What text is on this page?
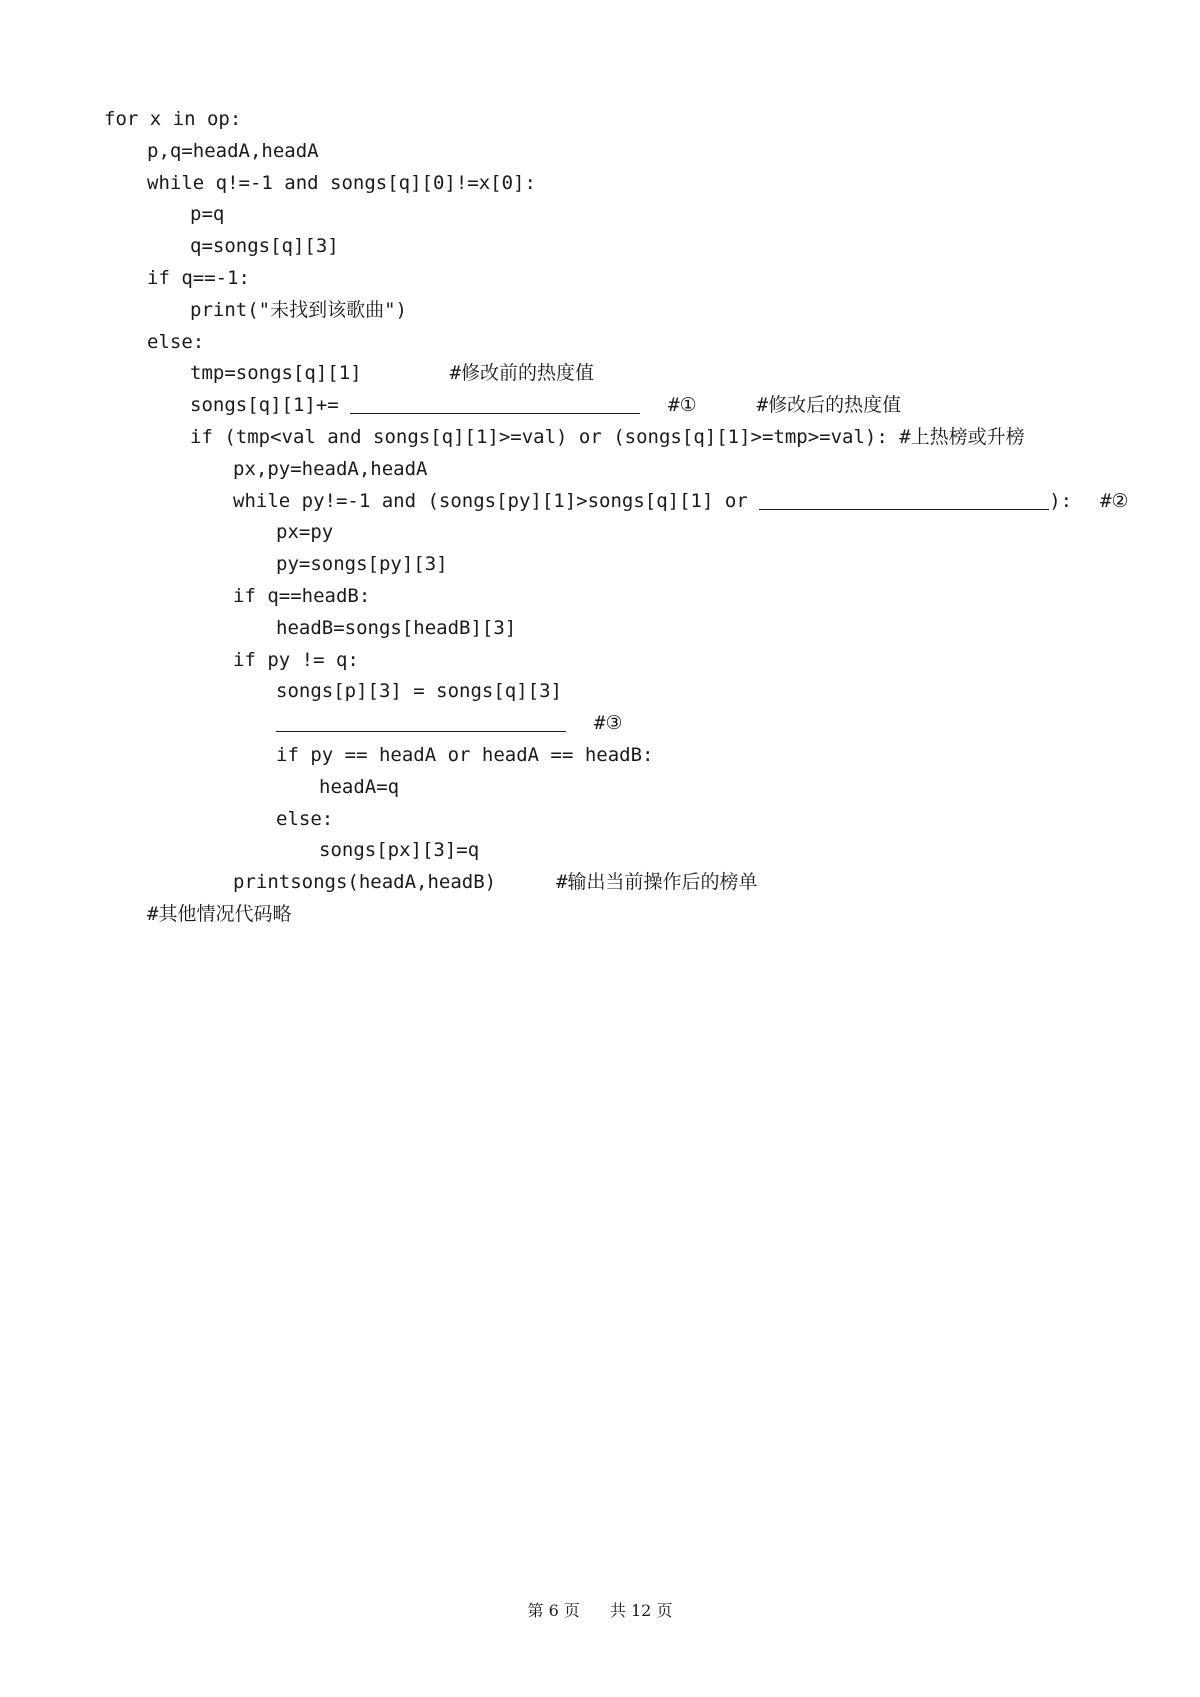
for x in op:
p,q=headA,headA
while q!=-1 and songs[q][0]!=x[0]:
p=q
q=songs[q][3]
if q==-1:
print("未找到该歌曲")
else:
tmp=songs[q][1]	#修改前的热度值
songs[q][1]+=	#①	#修改后的热度值
if (tmp<val and songs[q][1]>=val) or (songs[q][1]>=tmp>=val): #上热榜或升榜
px,py=headA,headA
while py!=-1 and (songs[py][1]>songs[q][1] or	): #②
px=py
py=songs[py][3]
if q==headB:
headB=songs[headB][3]
if py != q:
songs[p][3] = songs[q][3]
#③
if py == headA or headA == headB:
headA=q
else:
songs[px][3]=q
printsongs(headA,headB)	#输出当前操作后的榜单
#其他情况代码略
第 6 页 共 12 页
